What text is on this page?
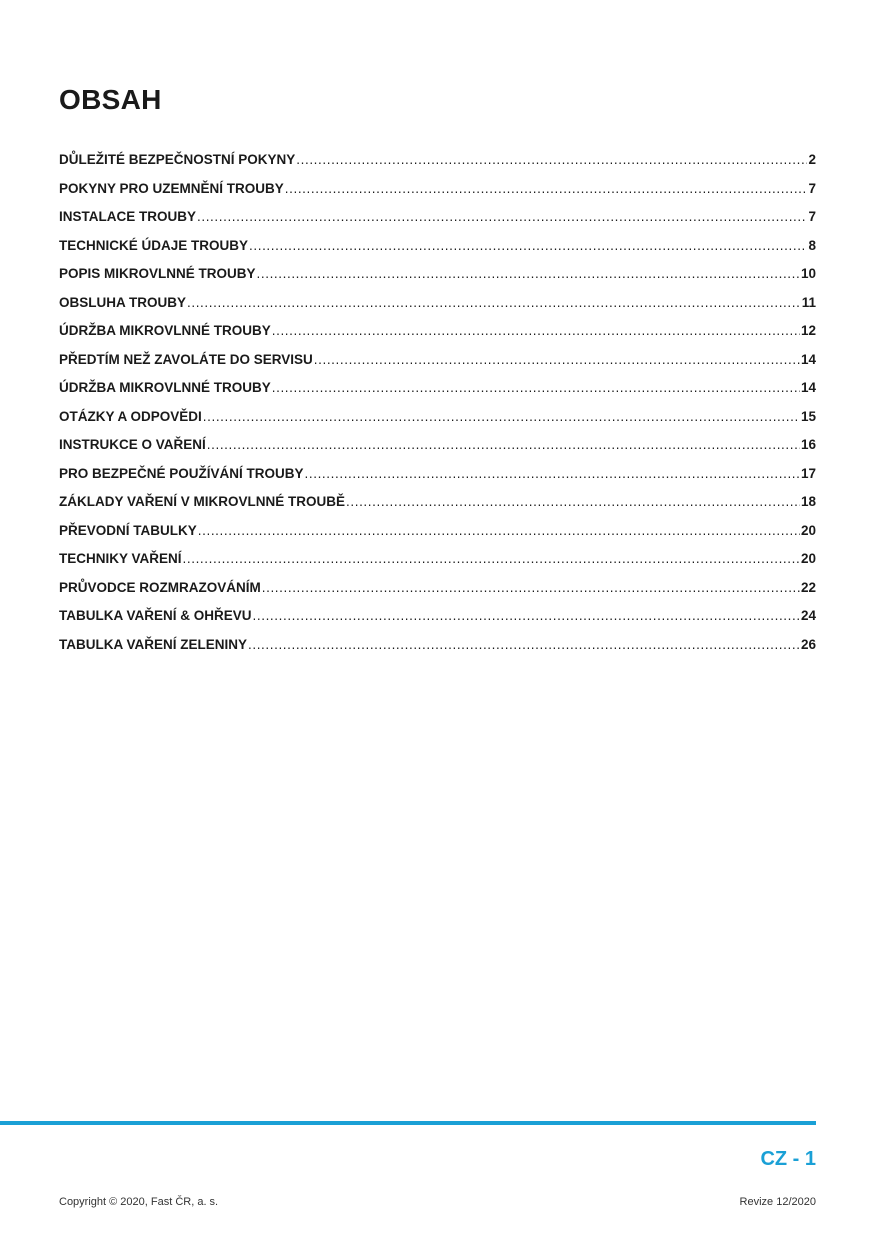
OBSAH
DŮLEŽITÉ BEZPEČNOSTNÍ POKYNY .....	2
POKYNY PRO UZEMNĚNÍ TROUBY .....	7
INSTALACE TROUBY .....	7
TECHNICKÉ ÚDAJE TROUBY .....	8
POPIS MIKROVLNNÉ TROUBY .....	10
OBSLUHA TROUBY .....	11
ÚDRŽBA MIKROVLNNÉ TROUBY .....	12
PŘEDTÍM NEŽ ZAVOLÁTE DO SERVISU .....	14
ÚDRŽBA MIKROVLNNÉ TROUBY .....	14
OTÁZKY A ODPOVĚDI .....	15
INSTRUKCE O VAŘENÍ .....	16
PRO BEZPEČNÉ POUŽÍVÁNÍ TROUBY .....	17
ZÁKLADY VAŘENÍ V MIKROVLNNÉ TROUBĚ .....	18
PŘEVODNÍ TABULKY .....	20
TECHNIKY VAŘENÍ .....	20
PRŮVODCE ROZMRAZOVÁNÍM .....	22
TABULKA VAŘENÍ & OHŘEVU .....	24
TABULKA VAŘENÍ ZELENINY .....	26
CZ - 1
Copyright © 2020, Fast ČR, a. s.	Revize 12/2020
